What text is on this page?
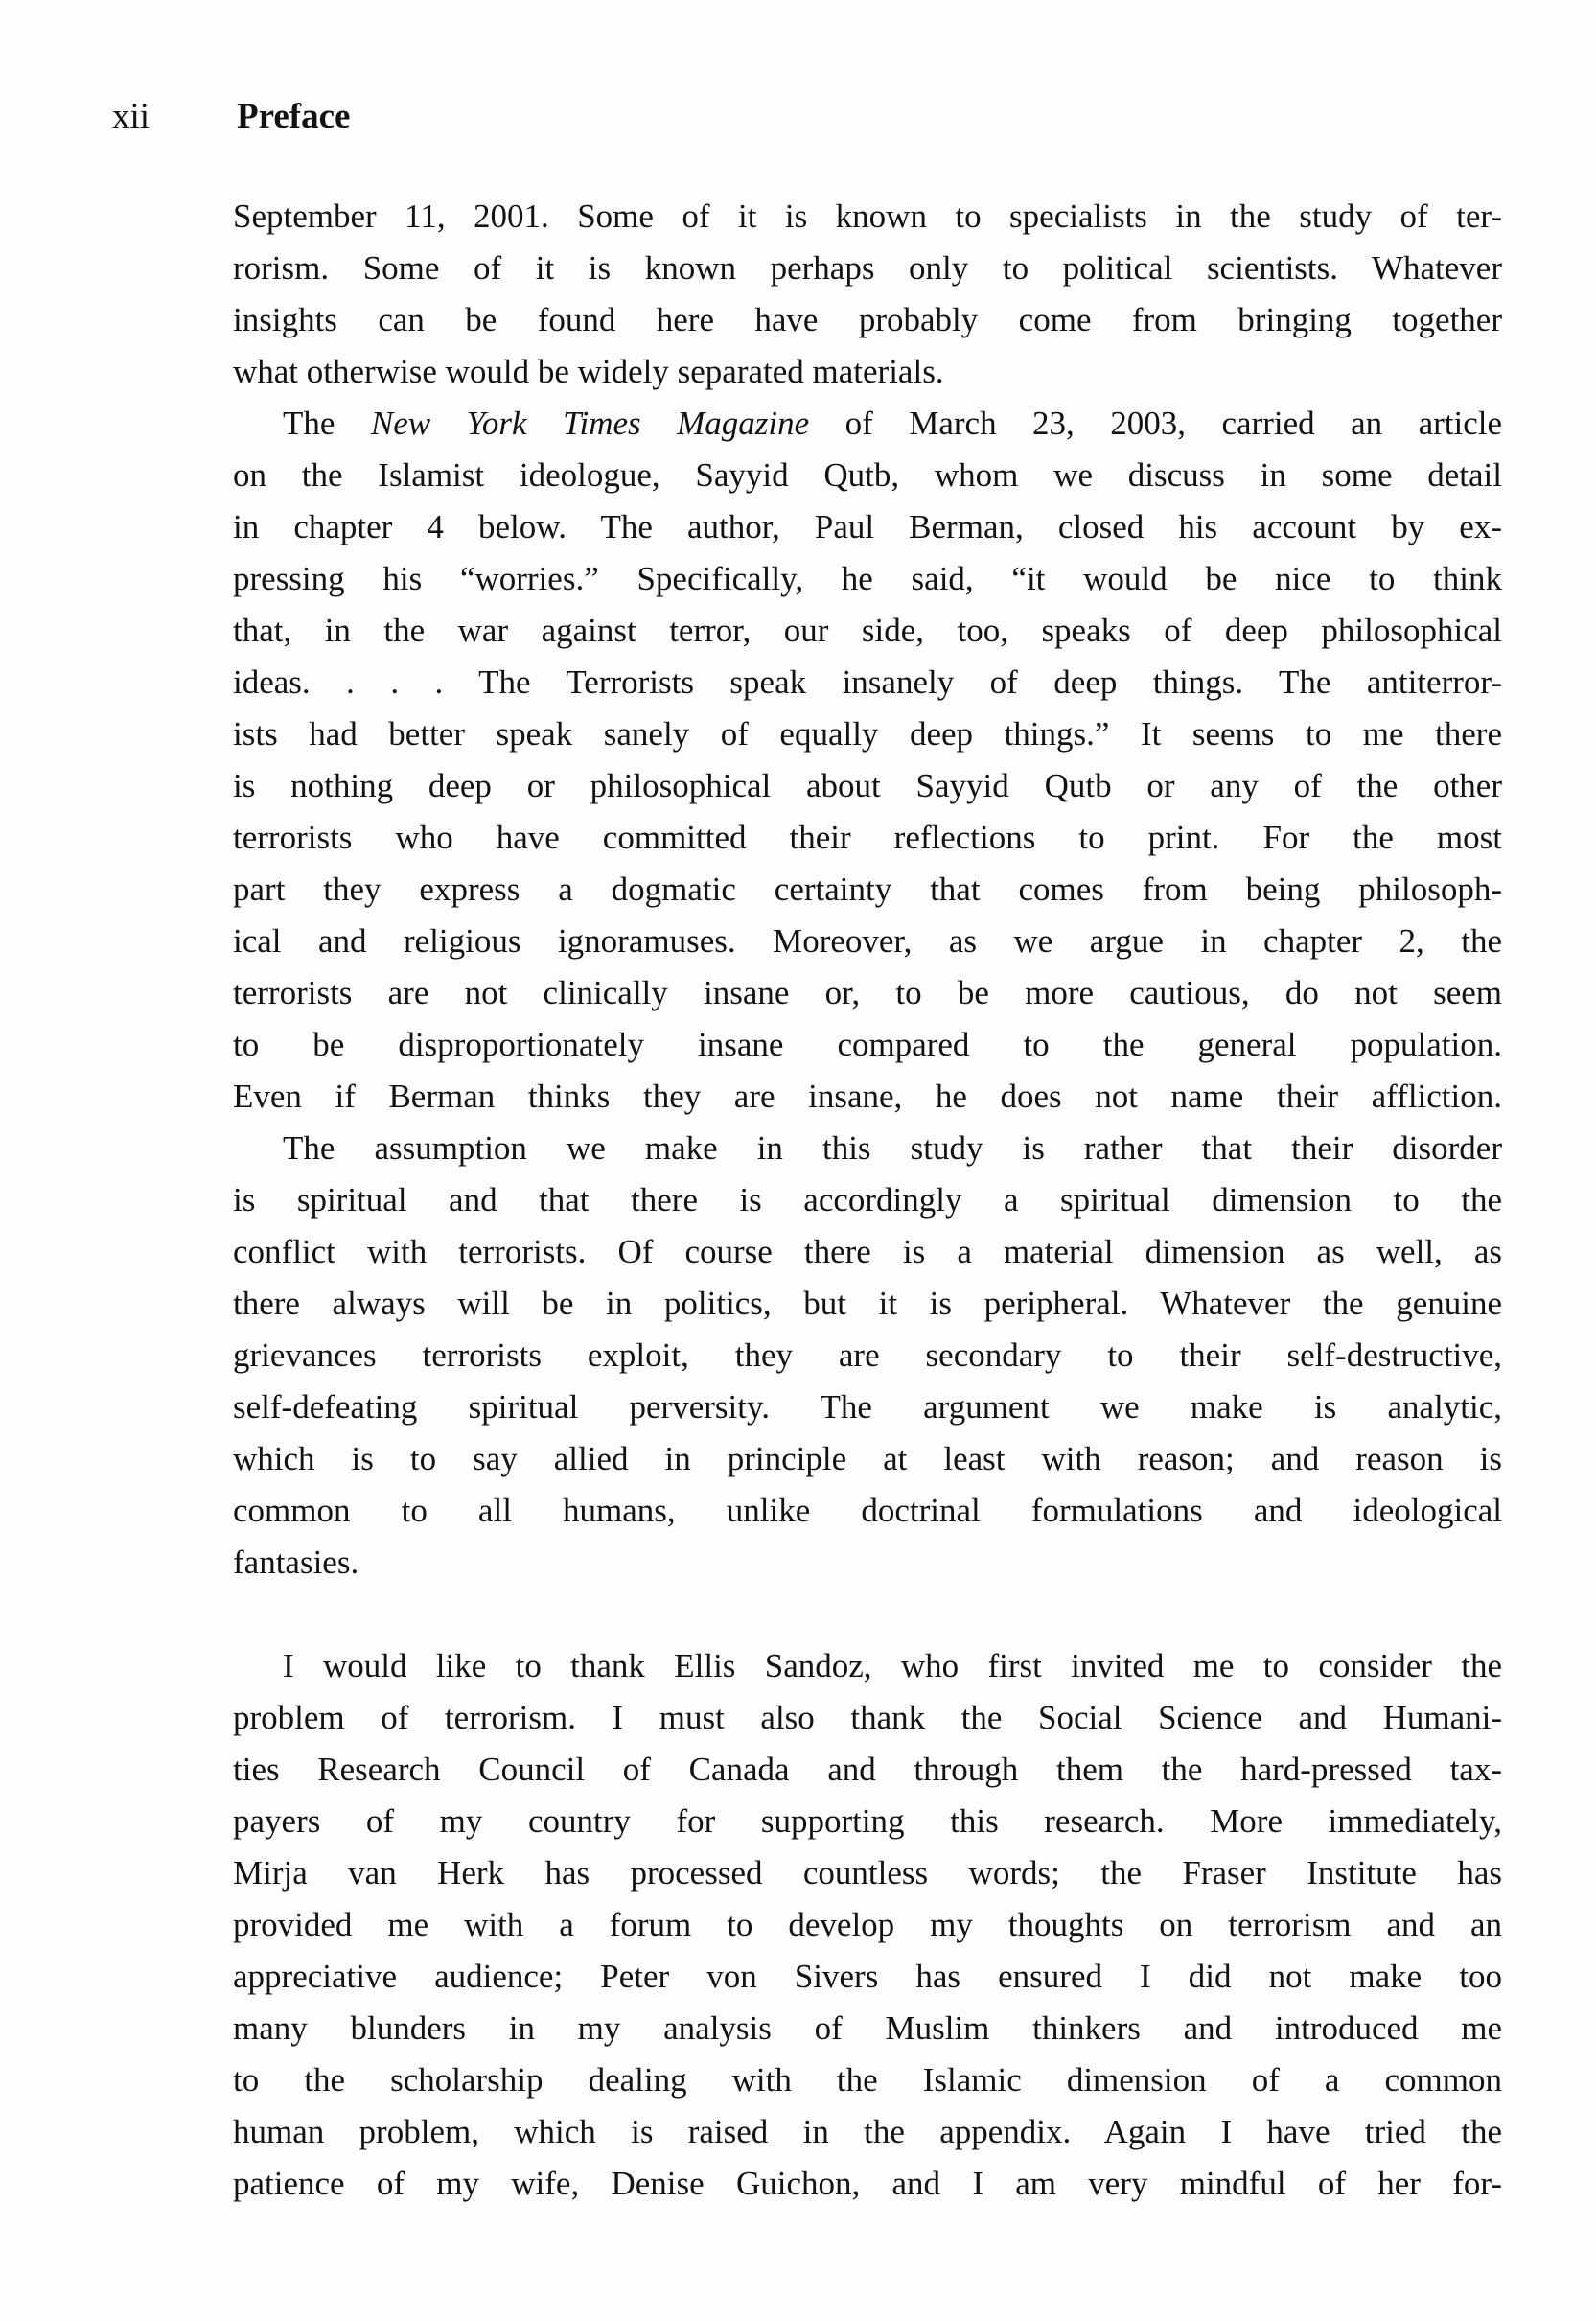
xii Preface
September 11, 2001. Some of it is known to specialists in the study of ter-
rorism. Some of it is known perhaps only to political scientists. Whatever
insights can be found here have probably come from bringing together
what otherwise would be widely separated materials.
The New York Times Magazine of March 23, 2003, carried an article
on the Islamist ideologue, Sayyid Qutb, whom we discuss in some detail
in chapter 4 below. The author, Paul Berman, closed his account by ex-
pressing his “worries.” Specifically, he said, “it would be nice to think
that, in the war against terror, our side, too, speaks of deep philosophical
ideas. . . . The Terrorists speak insanely of deep things. The antiterror-
ists had better speak sanely of equally deep things.” It seems to me there
is nothing deep or philosophical about Sayyid Qutb or any of the other
terrorists who have committed their reflections to print. For the most
part they express a dogmatic certainty that comes from being philosoph-
ical and religious ignoramuses. Moreover, as we argue in chapter 2, the
terrorists are not clinically insane or, to be more cautious, do not seem
to be disproportionately insane compared to the general population.
Even if Berman thinks they are insane, he does not name their affliction.
The assumption we make in this study is rather that their disorder
is spiritual and that there is accordingly a spiritual dimension to the
conflict with terrorists. Of course there is a material dimension as well, as
there always will be in politics, but it is peripheral. Whatever the genuine
grievances terrorists exploit, they are secondary to their self-destructive,
self-defeating spiritual perversity. The argument we make is analytic,
which is to say allied in principle at least with reason; and reason is
common to all humans, unlike doctrinal formulations and ideological
fantasies.
I would like to thank Ellis Sandoz, who first invited me to consider the
problem of terrorism. I must also thank the Social Science and Humani-
ties Research Council of Canada and through them the hard-pressed tax-
payers of my country for supporting this research. More immediately,
Mirja van Herk has processed countless words; the Fraser Institute has
provided me with a forum to develop my thoughts on terrorism and an
appreciative audience; Peter von Sivers has ensured I did not make too
many blunders in my analysis of Muslim thinkers and introduced me
to the scholarship dealing with the Islamic dimension of a common
human problem, which is raised in the appendix. Again I have tried the
patience of my wife, Denise Guichon, and I am very mindful of her for-
